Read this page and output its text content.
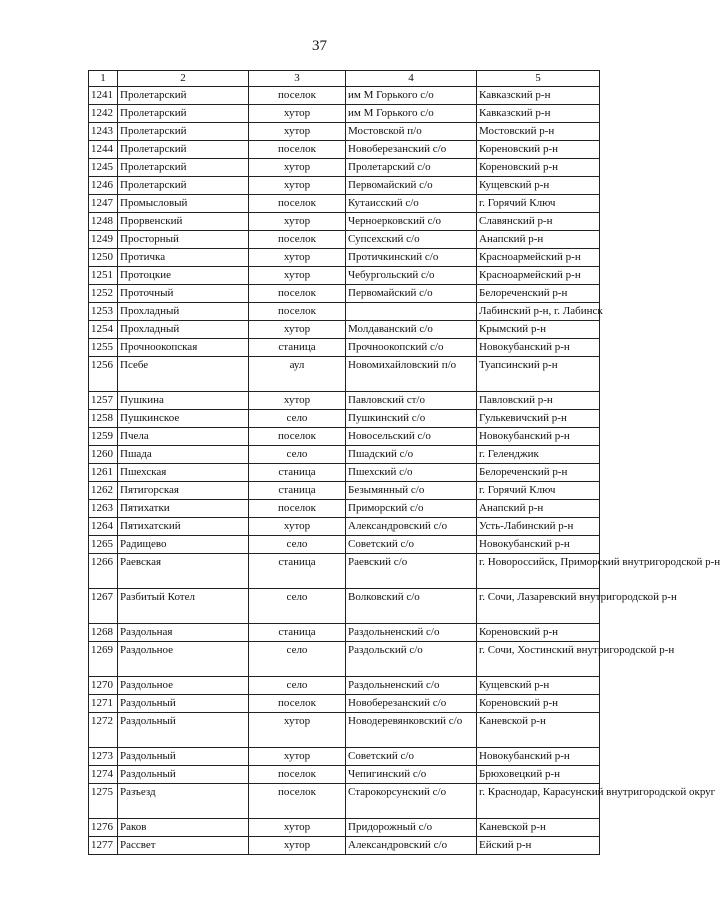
37
1	2	3	4	5
1241	Пролетарский	поселок	им М Горького с/о	Кавказский р-н
1242	Пролетарский	хутор	им М Горького с/о	Кавказский р-н
1243	Пролетарский	хутор	Мостовской п/о	Мостовский р-н
1244	Пролетарский	поселок	Новоберезанский с/о	Кореновский р-н
1245	Пролетарский	хутор	Пролетарский с/о	Кореновский р-н
1246	Пролетарский	хутор	Первомайский с/о	Кущевский р-н
1247	Промысловый	поселок	Кутаисский с/о	г. Горячий Ключ
1248	Прорвенский	хутор	Черноерковский с/о	Славянский р-н
1249	Просторный	поселок	Супсехский с/о	Анапский р-н
1250	Протичка	хутор	Протичкинский с/о	Красноармейский р-н
1251	Протоцкие	хутор	Чебургольский с/о	Красноармейский р-н
1252	Проточный	поселок	Первомайский с/о	Белореченский р-н
1253	Прохладный	поселок		Лабинский р-н, г. Лабинск
1254	Прохладный	хутор	Молдаванский с/о	Крымский р-н
1255	Прочноокопская	станица	Прочноокопский с/о	Новокубанский р-н
1256	Псебе	аул	Новомихайловский п/о	Туапсинский р-н
1257	Пушкина	хутор	Павловский ст/о	Павловский р-н
1258	Пушкинское	село	Пушкинский с/о	Гулькевичский р-н
1259	Пчела	поселок	Новосельский с/о	Новокубанский р-н
1260	Пшада	село	Пшадский с/о	г. Геленджик
1261	Пшехская	станица	Пшехский с/о	Белореченский р-н
1262	Пятигорская	станица	Безымянный с/о	г. Горячий Ключ
1263	Пятихатки	поселок	Приморский с/о	Анапский р-н
1264	Пятихатский	хутор	Александровский с/о	Усть-Лабинский р-н
1265	Радищево	село	Советский с/о	Новокубанский р-н
1266	Раевская	станица	Раевский с/о	г. Новороссийск, Приморский внутригородской р-н
1267	Разбитый Котел	село	Волковский с/о	г. Сочи, Лазаревский внутригородской р-н
1268	Раздольная	станица	Раздольненский с/о	Кореновский р-н
1269	Раздольное	село	Раздольский с/о	г. Сочи, Хостинский внутригородской р-н
1270	Раздольное	село	Раздольненский с/о	Кущевский р-н
1271	Раздольный	поселок	Новоберезанский с/о	Кореновский р-н
1272	Раздольный	хутор	Новодеревянковский с/о	Каневской р-н
1273	Раздольный	хутор	Советский с/о	Новокубанский р-н
1274	Раздольный	поселок	Чепигинский с/о	Брюховецкий р-н
1275	Разъезд	поселок	Старокорсунский с/о	г. Краснодар, Карасунский внутригородской округ
1276	Раков	хутор	Придорожный с/о	Каневской р-н
1277	Рассвет	хутор	Александровский с/о	Ейский р-н
